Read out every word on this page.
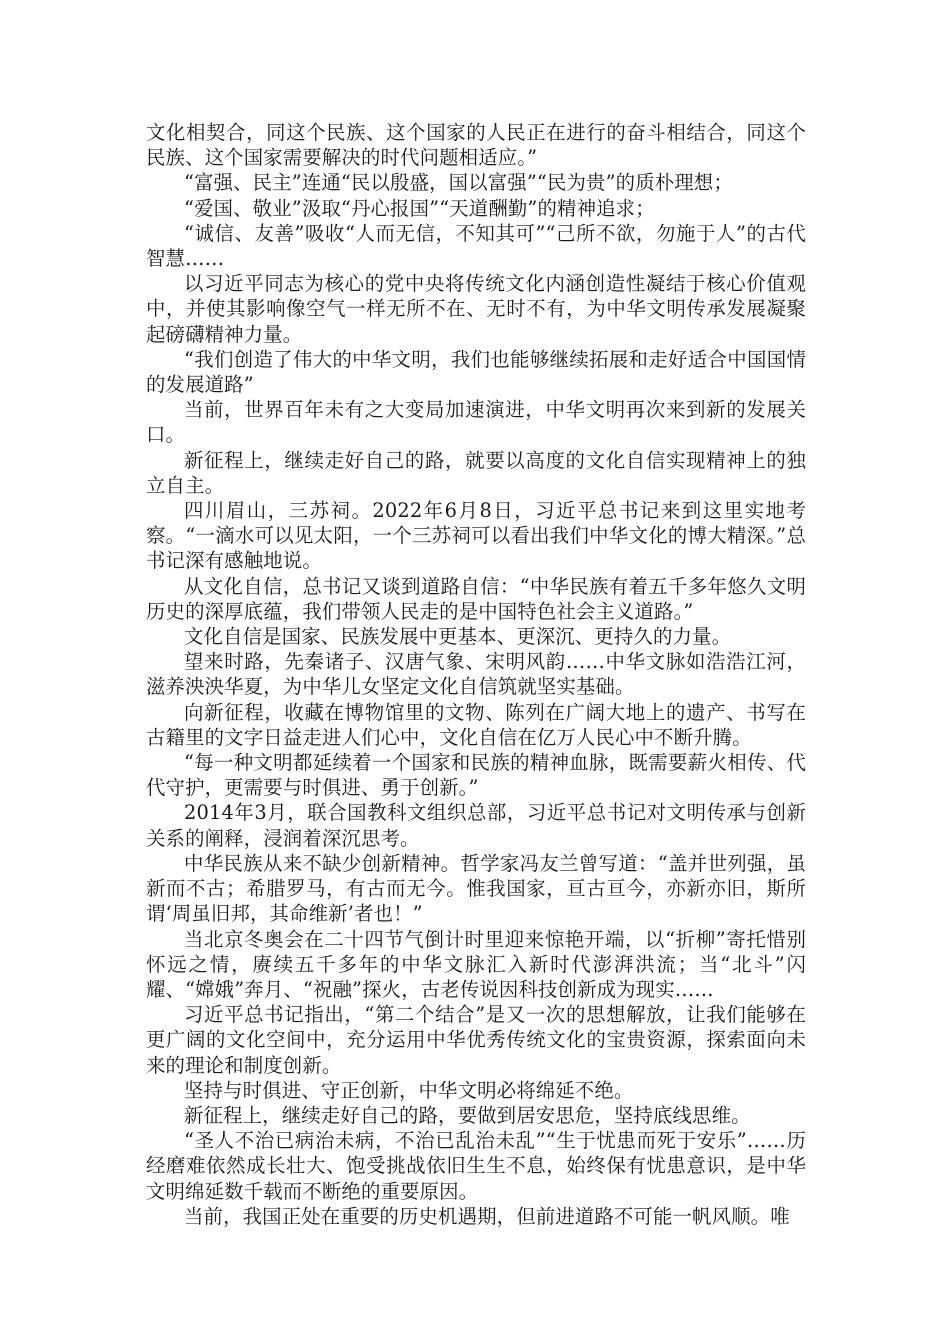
文化相契合，同这个民族、这个国家的人民正在进行的奋斗相结合，同这个民族、这个国家需要解决的时代问题相适应。”

“富强、民主”连通“民以殷盛，国以富强”“民为贵”的质朴理想；

“爱国、敬业”汲取“丹心报国”“天道酬勤”的精神追求；

“诚信、友善”吸收“人而无信，不知其可”“己所不欲，勿施于人”的古代智慧……

以习近平同志为核心的党中央将传统文化内涵创造性凝结于核心价值观中，并使其影响像空气一样无所不在、无时不有，为中华文明传承发展凝聚起磅礴精神力量。

“我们创造了伟大的中华文明，我们也能够继续拓展和走好适合中国国情的发展道路”

当前，世界百年未有之大变局加速演进，中华文明再次来到新的发展关口。

新征程上，继续走好自己的路，就要以高度的文化自信实现精神上的独立自主。

四川眉山，三苏祠。2022年6月8日，习近平总书记来到这里实地考察。“一滴水可以见太阳，一个三苏祠可以看出我们中华文化的博大精深。”总书记深有感触地说。

从文化自信，总书记又谈到道路自信：“中华民族有着五千多年悠久文明历史的深厚底蕴，我们带领人民走的是中国特色社会主义道路。”

文化自信是国家、民族发展中更基本、更深沉、更持久的力量。

望来时路，先秦诸子、汉唐气象、宋明风韵……中华文脉如浩浩江河，滋养泱泱华夏，为中华儿女坚定文化自信筑就坚实基础。

向新征程，收藏在博物馆里的文物、陈列在广阔大地上的遗产、书写在古籍里的文字日益走进人们心中，文化自信在亿万人民心中不断升腾。

“每一种文明都延续着一个国家和民族的精神血脉，既需要薪火相传、代代守护，更需要与时俱进、勇于创新。”

2014年3月，联合国教科文组织总部，习近平总书记对文明传承与创新关系的阐释，浸润着深沉思考。

中华民族从来不缺少创新精神。哲学家冯友兰曾写道：“盖并世列强，虽新而不古；希腊罗马，有古而无今。惟我国家，亘古亘今，亦新亦旧，斯所谓‘周虽旧邦，其命维新’者也！”

当北京冬奥会在二十四节气倒计时里迎来惊艳开端，以“折柳”寄托惜别怀远之情，赓续五千多年的中华文脉汇入新时代澎湃洪流；当“北斗”闪耀、“嫦娥”奔月、“祝融”探火，古老传说因科技创新成为现实……

习近平总书记指出，“第二个结合”是又一次的思想解放，让我们能够在更广阔的文化空间中，充分运用中华优秀传统文化的宝贵资源，探索面向未来的理论和制度创新。

坚持与时俱进、守正创新，中华文明必将绵延不绝。

新征程上，继续走好自己的路，要做到居安思危，坚持底线思维。

“圣人不治已病治未病，不治已乱治未乱”“生于忧患而死于安乐”……历经磨难依然成长壮大、饱受挑战依旧生生不息，始终保有忧患意识，是中华文明绵延数千载而不断绝的重要原因。

当前，我国正处在重要的历史机遇期，但前进道路不可能一帆风顺。唯
